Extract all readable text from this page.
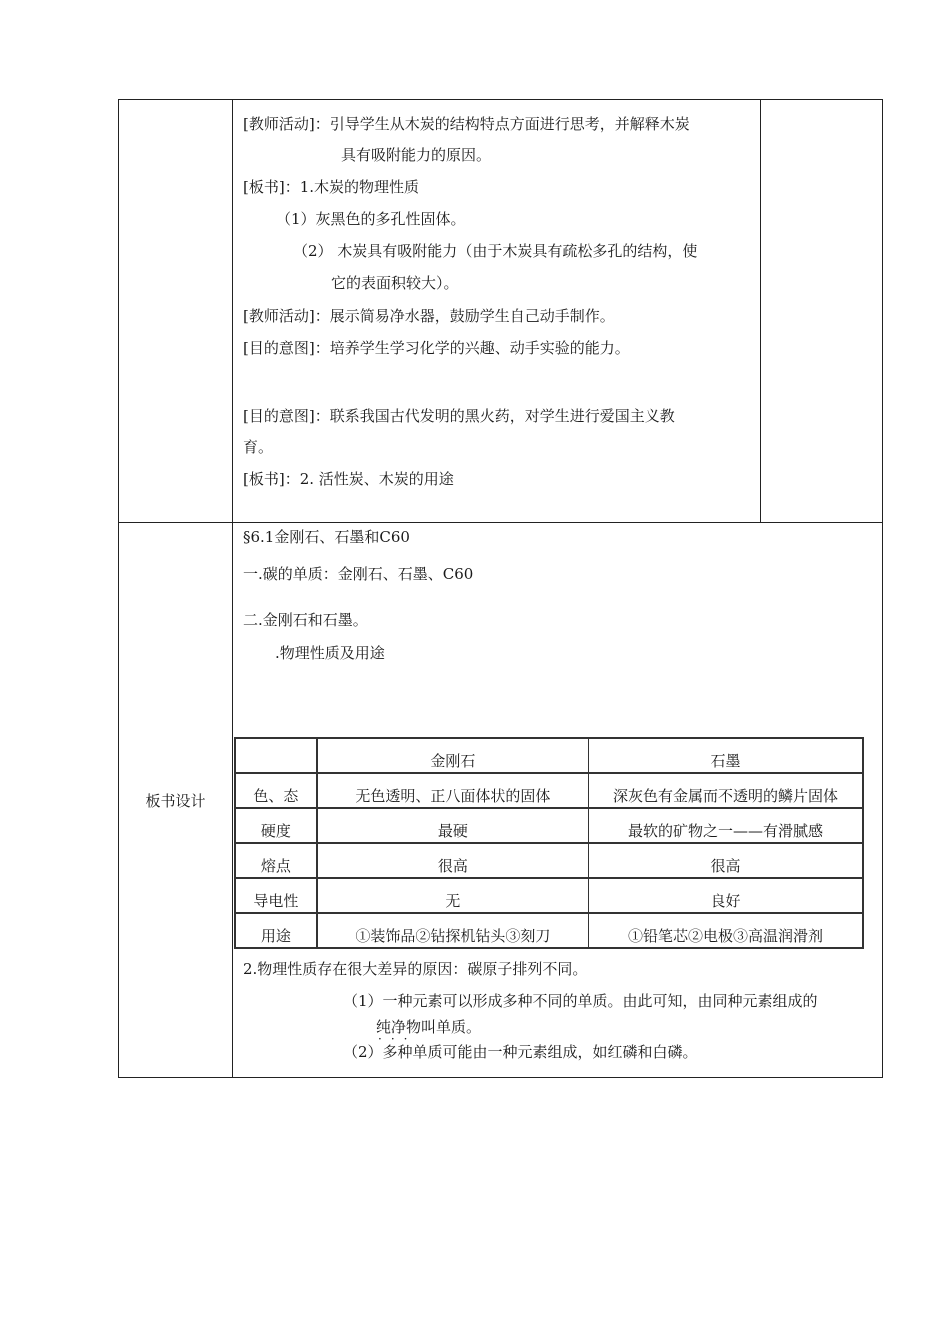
[教师活动]：引导学生从木炭的结构特点方面进行思考，并解释木炭
具有吸附能力的原因。
[板书]：1.木炭的物理性质
（1）灰黑色的多孔性固体。
（2） 木炭具有吸附能力（由于木炭具有疏松多孔的结构，使
它的表面积较大）。
[教师活动]：展示简易净水器，鼓励学生自己动手制作。
[目的意图]：培养学生学习化学的兴趣、动手实验的能力。
[目的意图]：联系我国古代发明的黑火药，对学生进行爱国主义教
育。
[板书]：2. 活性炭、木炭的用途

板书设计	
§6.1金刚石、石墨和C60
一.碳的单质：金刚石、石墨、C60
二.金刚石和石墨。
.物理性质及用途
	金刚石	石墨
色、态	无色透明、正八面体状的固体	深灰色有金属而不透明的鳞片固体
硬度	最硬	最软的矿物之一——有滑腻感
熔点	很高	很高
导电性	无	良好
用途	①装饰品②钻探机钻头③刻刀	①铅笔芯②电极③高温润滑剂
2.物理性质存在很大差异的原因：碳原子排列不同。
（1）一种元素可以形成多种不同的单质。由此可知，由同种元素组成的
纯净物叫单质。
···
（2）多种单质可能由一种元素组成，如红磷和白磷。
